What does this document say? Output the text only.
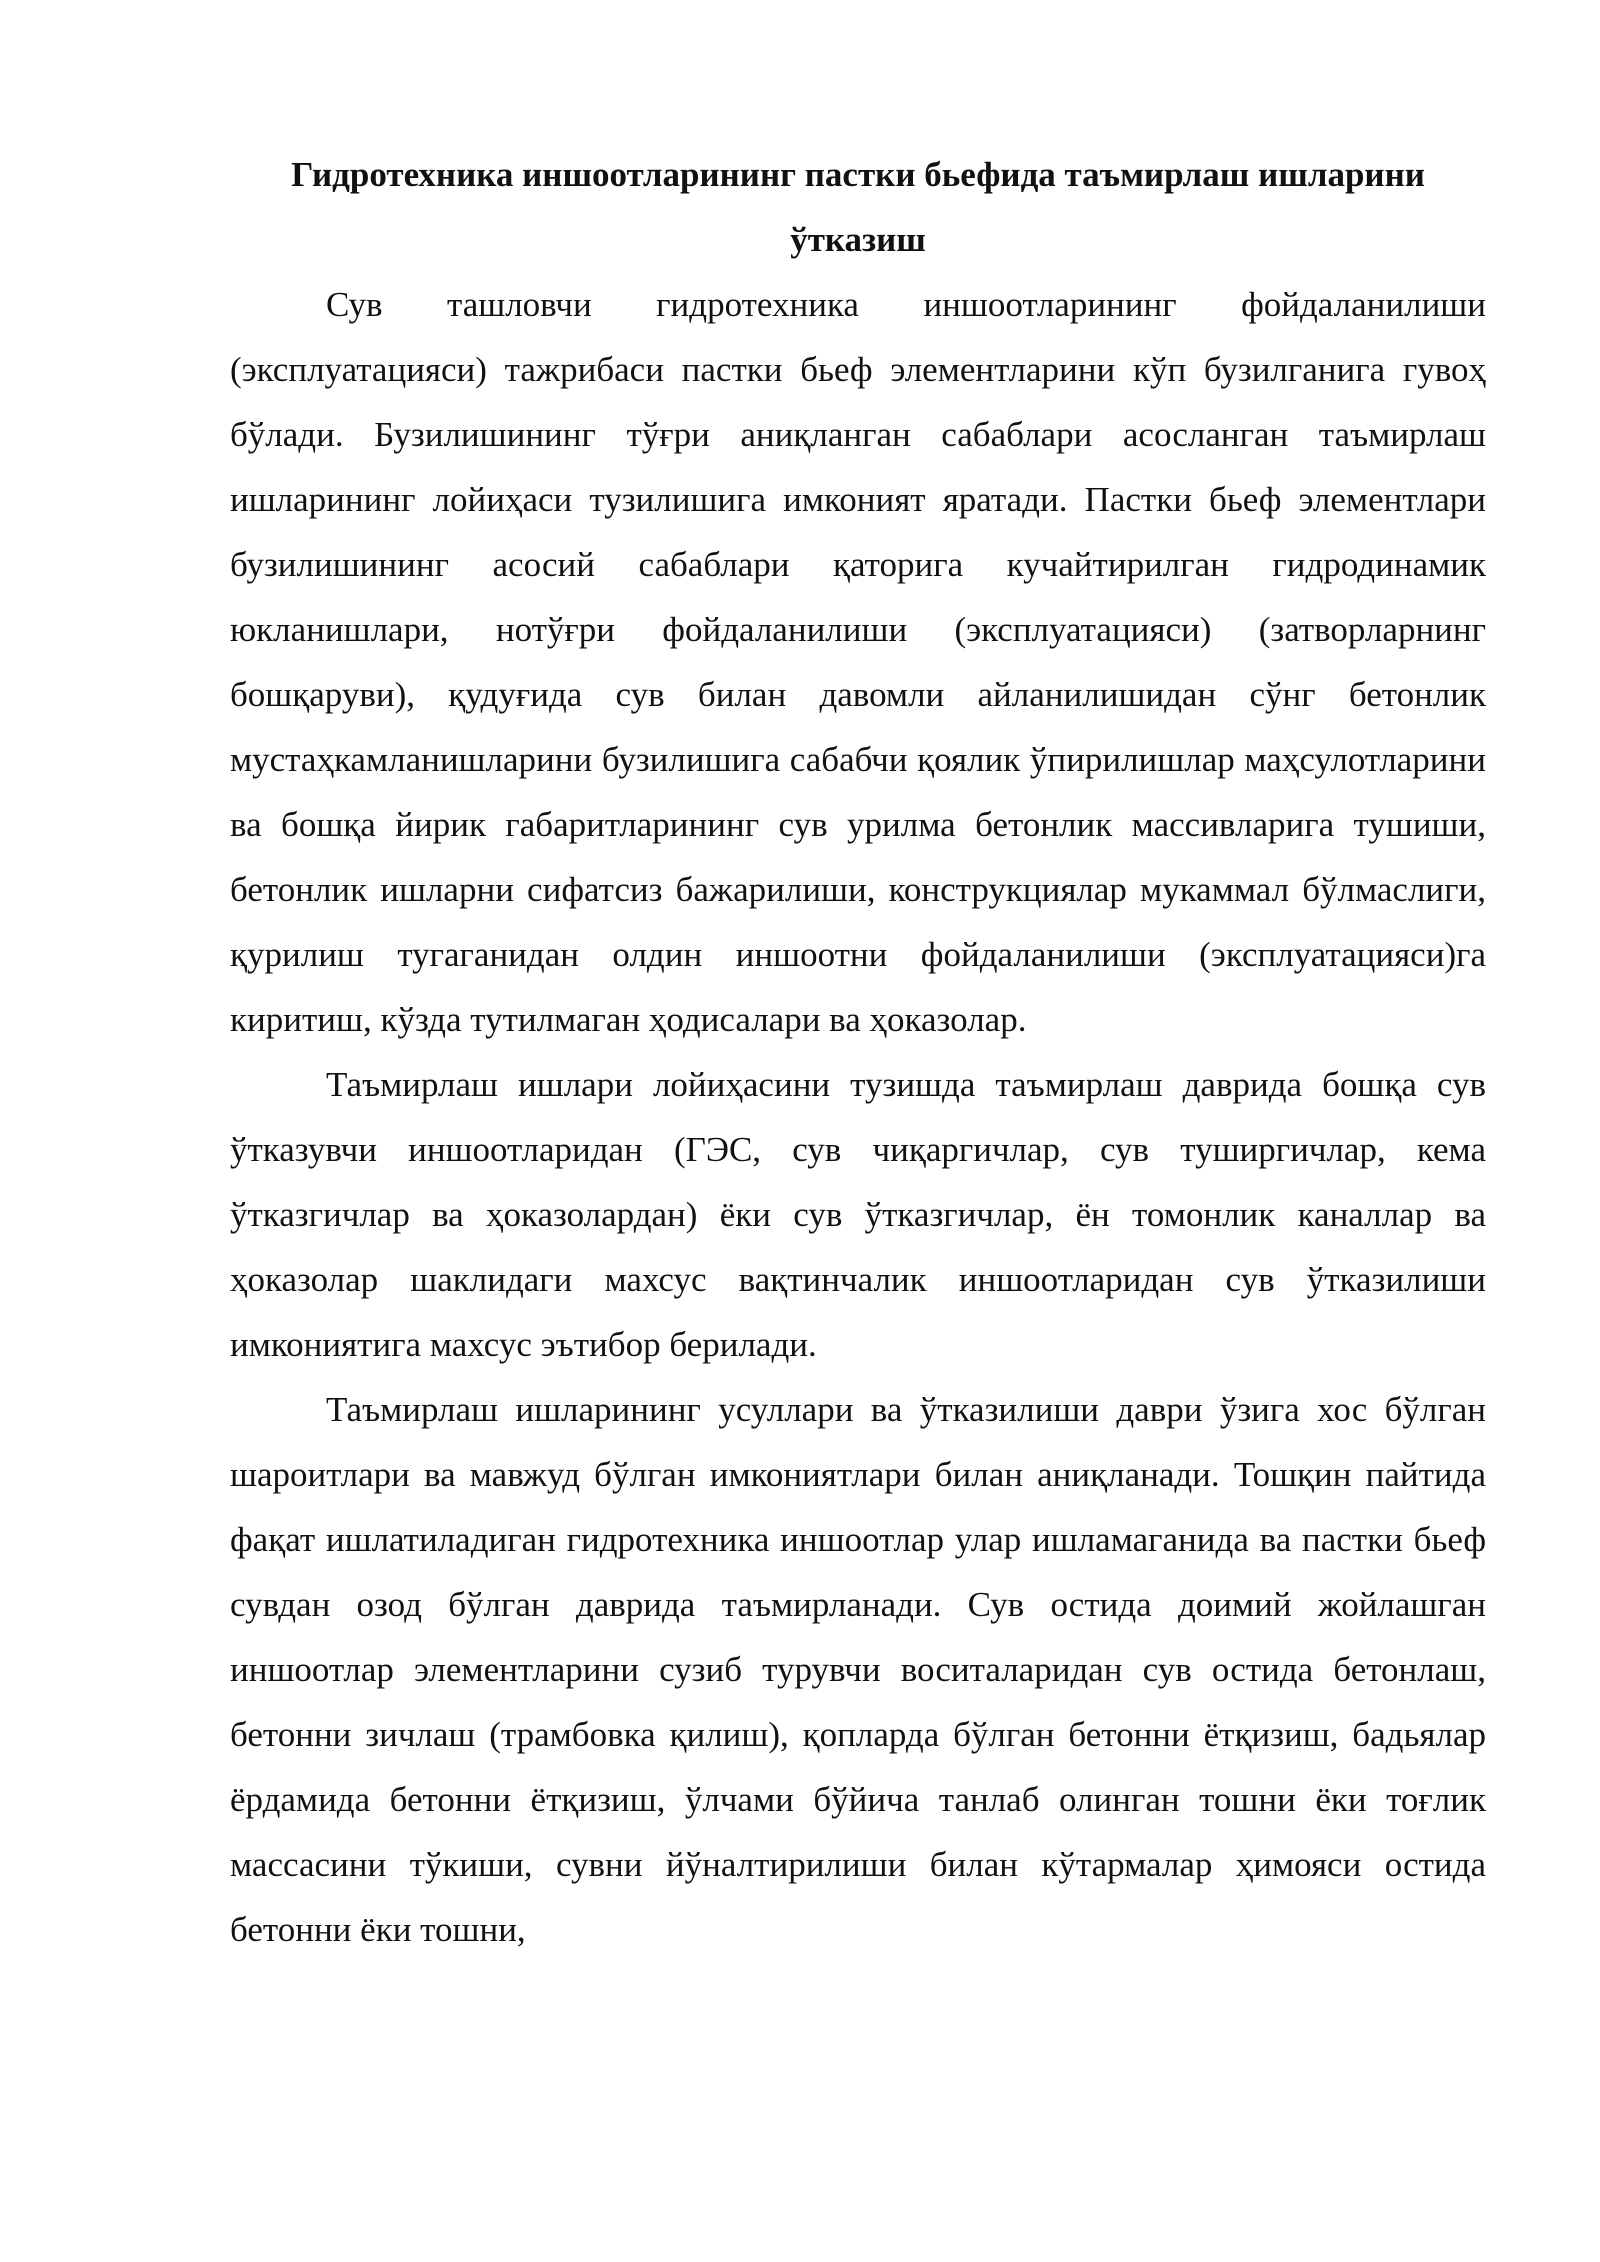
Гидротехника иншоотларининг пастки бьефида таъмирлаш ишларини ўтказиш

Сув ташловчи гидротехника иншоотларининг фойдаланилиши (эксплуатацияси) тажрибаси пастки бьеф элементларини кўп бузилганига гувоҳ бўлади. Бузилишининг тўғри аниқланган сабаблари асосланган таъмирлаш ишларининг лойиҳаси тузилишига имконият яратади. Пастки бьеф элементлари бузилишининг асосий сабаблари қаторига кучайтирилган гидродинамик юкланишлари, нотўғри фойдаланилиши (эксплуатацияси) (затворларнинг бошқаруви), қудуғида сув билан давомли айланилишидан сўнг бетонлик мустаҳкамланишларини бузилишига сабабчи қоялик ўпирилишлар маҳсулотларини ва бошқа йирик габаритларининг сув урилма бетонлик массивларига тушиши, бетонлик ишларни сифатсиз бажарилиши, конструкциялар мукаммал бўлмаслиги, қурилиш тугаганидан олдин иншоотни фойдаланилиши (эксплуатацияси)га киритиш, кўзда тутилмаган ҳодисалари ва ҳоказолар.

Таъмирлаш ишлари лойиҳасини тузишда таъмирлаш даврида бошқа сув ўтказувчи иншоотларидан (ГЭС, сув чиқаргичлар, сув туширгичлар, кема ўтказгичлар ва ҳоказолардан) ёки сув ўтказгичлар, ён томонлик каналлар ва ҳоказолар шаклидаги махсус вақтинчалик иншоотларидан сув ўтказилиши имкониятига махсус эътибор берилади.

Таъмирлаш ишларининг усуллари ва ўтказилиши даври ўзига хос бўлган шароитлари ва мавжуд бўлган имкониятлари билан аниқланади. Тошқин пайтида фақат ишлатиладиган гидротехника иншоотлар улар ишламаганида ва пастки бьеф сувдан озод бўлган даврида таъмирланади. Сув остида доимий жойлашган иншоотлар элементларини сузиб турувчи воситаларидан сув остида бетонлаш, бетонни зичлаш (трамбовка қилиш), қопларда бўлган бетонни ётқизиш, бадьялар ёрдамида бетонни ётқизиш, ўлчами бўйича танлаб олинган тошни ёки тоғлик массасини тўкиши, сувни йўналтирилиши билан кўтармалар ҳимояси остида бетонни ёки тошни,
